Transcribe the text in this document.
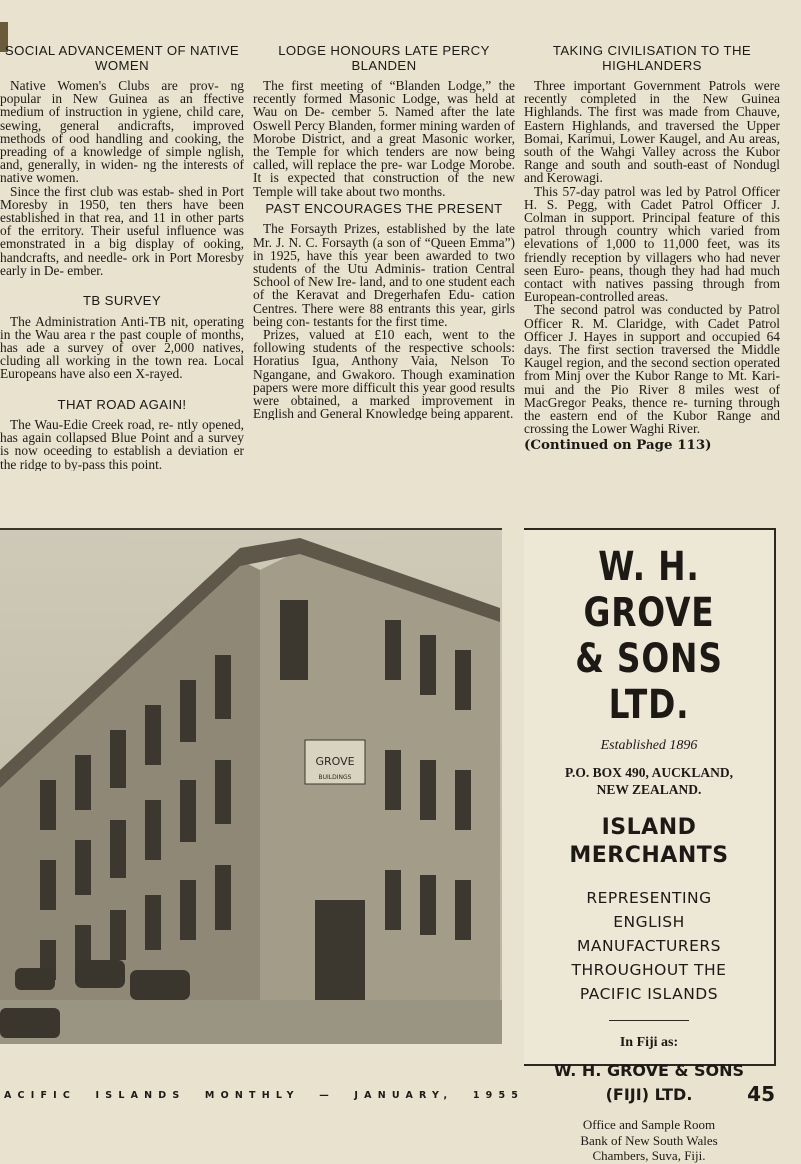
SOCIAL ADVANCEMENT OF NATIVE WOMEN

Native Women's Clubs are prov- ng popular in New Guinea as an ffective medium of instruction in ygiene, child care, sewing, general andicrafts, improved methods of ood handling and cooking, the preading of a knowledge of simple nglish, and, generally, in widen- ng the interests of native women.

Since the first club was estab- shed in Port Moresby in 1950, ten thers have been established in that rea, and 11 in other parts of the erritory. Their useful influence was emonstrated in a big display of ooking, handcrafts, and needle- ork in Port Moresby early in De- ember.

TB SURVEY

The Administration Anti-TB nit, operating in the Wau area r the past couple of months, has ade a survey of over 2,000 natives, cluding all working in the town rea. Local Europeans have also een X-rayed.

THAT ROAD AGAIN!

The Wau-Edie Creek road, re- ntly opened, has again collapsed Blue Point and a survey is now oceeding to establish a deviation er the ridge to by-pass this point.

LODGE HONOURS LATE PERCY BLANDEN

The first meeting of “Blanden Lodge,” the recently formed Masonic Lodge, was held at Wau on De- cember 5. Named after the late Oswell Percy Blanden, former mining warden of Morobe District, and a great Masonic worker, the Temple for which tenders are now being called, will replace the pre- war Lodge Morobe. It is expected that construction of the new Temple will take about two months.

PAST ENCOURAGES THE PRESENT

The Forsayth Prizes, established by the late Mr. J. N. C. Forsayth (a son of “Queen Emma”) in 1925, have this year been awarded to two students of the Utu Adminis- tration Central School of New Ire- land, and to one student each of the Keravat and Dregerhafen Edu- cation Centres. There were 88 entrants this year, girls being con- testants for the first time.

Prizes, valued at £10 each, went to the following students of the respective schools: Horatius Igua, Anthony Vaia, Nelson To Ngangane, and Gwakoro. Though examination papers were more difficult this year good results were obtained, a marked improvement in English and General Knowledge being apparent.

TAKING CIVILISATION TO THE HIGHLANDERS

Three important Government Patrols were recently completed in the New Guinea Highlands. The first was made from Chauve, Eastern Highlands, and traversed the Upper Bomai, Karimui, Lower Kaugel, and Au areas, south of the Wahgi Valley across the Kubor Range and south and south-east of Nondugl and Kerowagi.

This 57-day patrol was led by Patrol Officer H. S. Pegg, with Cadet Patrol Officer J. Colman in support. Principal feature of this patrol through country which varied from elevations of 1,000 to 11,000 feet, was its friendly reception by villagers who had never seen Euro- peans, though they had had much contact with natives passing through from European-controlled areas.

The second patrol was conducted by Patrol Officer R. M. Claridge, with Cadet Patrol Officer J. Hayes in support and occupied 64 days. The first section traversed the Middle Kaugel region, and the second section operated from Minj over the Kubor Range to Mt. Kari- mui and the Pio River 8 miles west of MacGregor Peaks, thence re- turning through the eastern end of the Kubor Range and crossing the Lower Waghi River.

(Continued on Page 113)

GROVE
BUILDINGS

W. H. GROVE

& SONS LTD.

Established 1896
P.O. BOX 490, AUCKLAND,
NEW ZEALAND.
ISLAND
MERCHANTS
REPRESENTING
ENGLISH
MANUFACTURERS
THROUGHOUT THE
PACIFIC ISLANDS
In Fiji as:
W. H. GROVE & SONS
(FIJI) LTD.
Office and Sample Room
Bank of New South Wales
Chambers, Suva, Fiji.
ACIFIC ISLANDS MONTHLY — JANUARY, 1955	45
